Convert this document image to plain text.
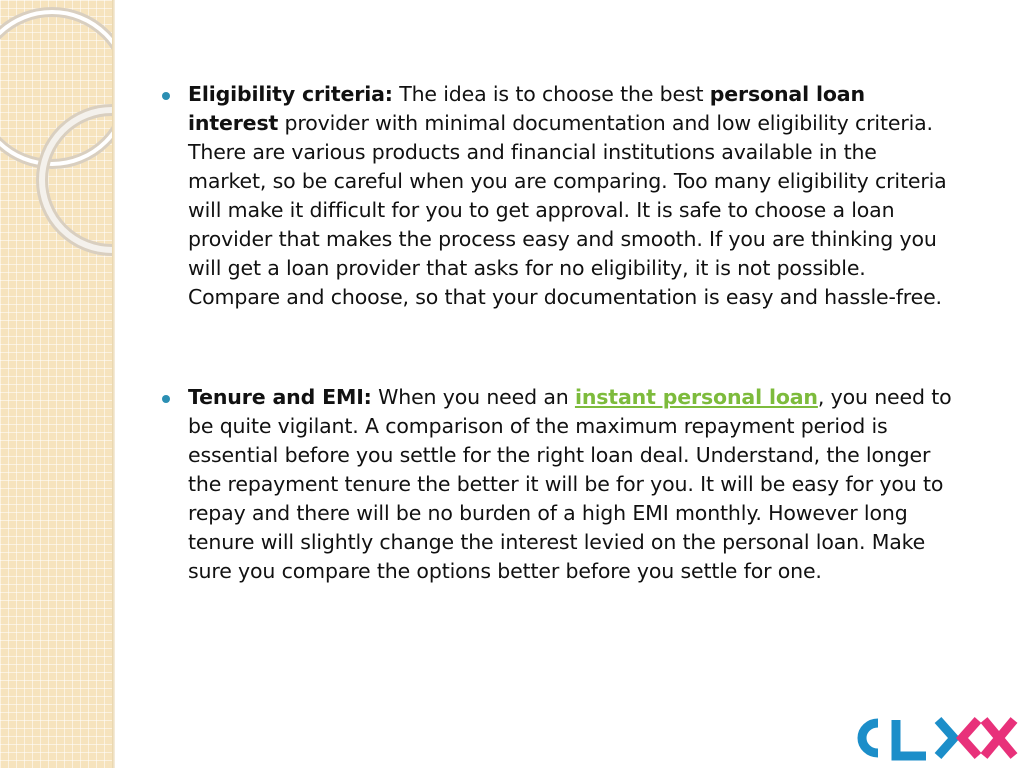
Eligibility criteria: The idea is to choose the best personal loan interest provider with minimal documentation and low eligibility criteria. There are various products and financial institutions available in the market, so be careful when you are comparing. Too many eligibility criteria will make it difficult for you to get approval. It is safe to choose a loan provider that makes the process easy and smooth. If you are thinking you will get a loan provider that asks for no eligibility, it is not possible. Compare and choose, so that your documentation is easy and hassle-free.
Tenure and EMI: When you need an instant personal loan, you need to be quite vigilant. A comparison of the maximum repayment period is essential before you settle for the right loan deal. Understand, the longer the repayment tenure the better it will be for you. It will be easy for you to repay and there will be no burden of a high EMI monthly. However long tenure will slightly change the interest levied on the personal loan. Make sure you compare the options better before you settle for one.
